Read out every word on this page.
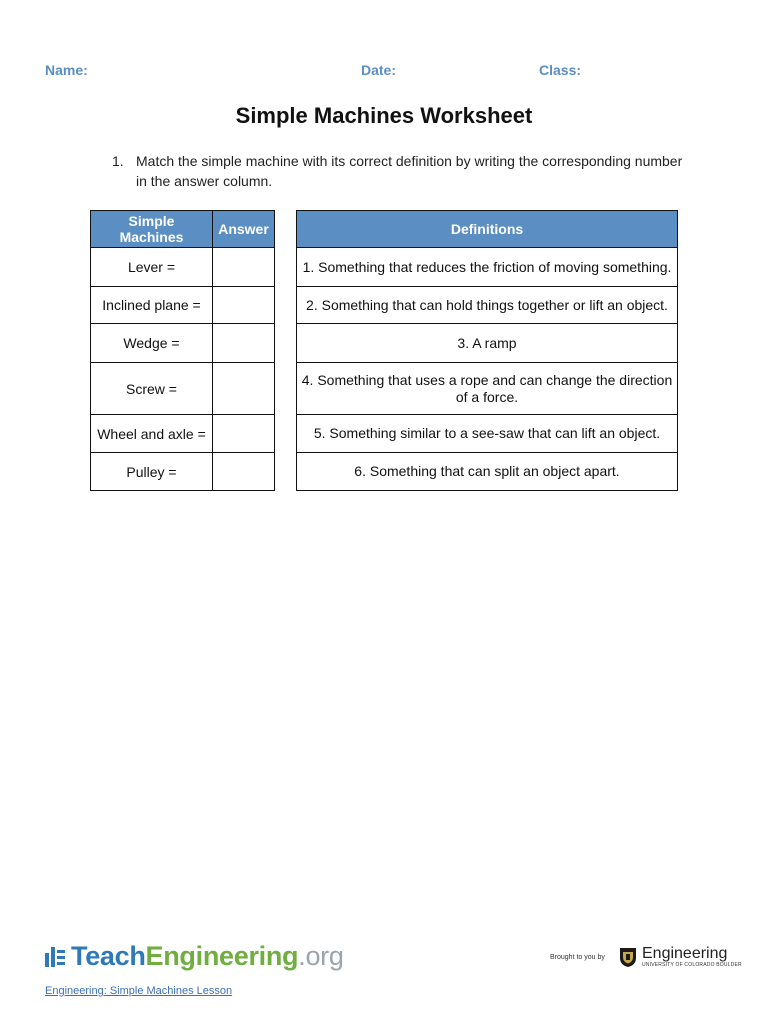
Name:	Date:	Class:
Simple Machines Worksheet
1. Match the simple machine with its correct definition by writing the corresponding number in the answer column.
Simple Machines	Answer
Lever =	
Inclined plane =	
Wedge =	
Screw =	
Wheel and axle =	
Pulley =	
Definitions
1. Something that reduces the friction of moving something.
2. Something that can hold things together or lift an object.
3. A ramp
4. Something that uses a rope and can change the direction of a force.
5. Something similar to a see-saw that can lift an object.
6. Something that can split an object apart.
TeachEngineering.org	Brought to you by Engineering
UNIVERSITY OF COLORADO BOULDER
Engineering: Simple Machines Lesson
